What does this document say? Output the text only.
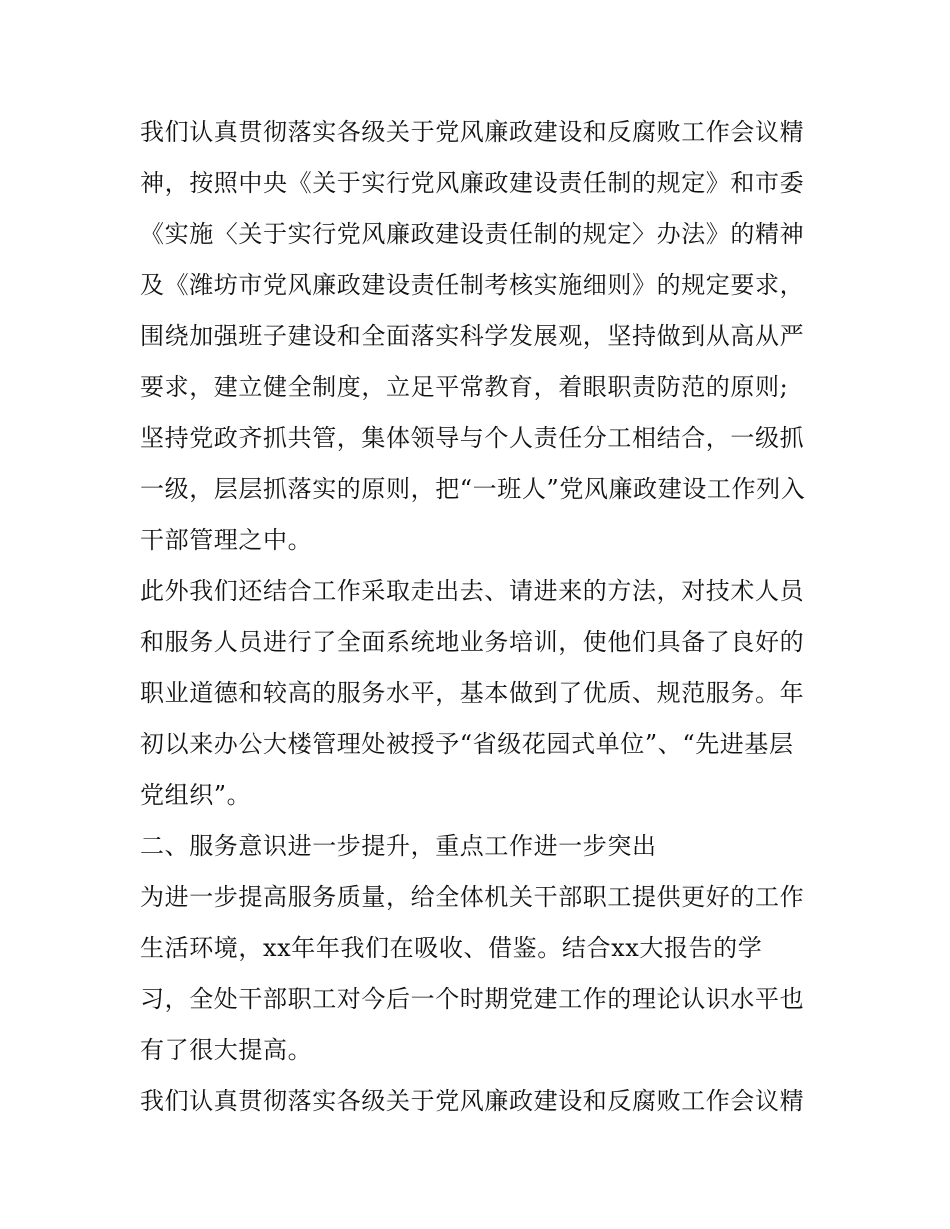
我们认真贯彻落实各级关于党风廉政建设和反腐败工作会议精
神，按照中央《关于实行党风廉政建设责任制的规定》和市委
《实施〈关于实行党风廉政建设责任制的规定〉办法》的精神
及《潍坊市党风廉政建设责任制考核实施细则》的规定要求，
围绕加强班子建设和全面落实科学发展观，坚持做到从高从严
要求，建立健全制度，立足平常教育，着眼职责防范的原则;
坚持党政齐抓共管，集体领导与个人责任分工相结合，一级抓
一级，层层抓落实的原则，把“一班人”党风廉政建设工作列入
干部管理之中。
此外我们还结合工作采取走出去、请进来的方法，对技术人员
和服务人员进行了全面系统地业务培训，使他们具备了良好的
职业道德和较高的服务水平，基本做到了优质、规范服务。年
初以来办公大楼管理处被授予“省级花园式单位”、“先进基层
党组织”。
二、服务意识进一步提升，重点工作进一步突出
为进一步提高服务质量，给全体机关干部职工提供更好的工作
生活环境，xx年年我们在吸收、借鉴。结合xx大报告的学
习，全处干部职工对今后一个时期党建工作的理论认识水平也
有了很大提高。
我们认真贯彻落实各级关于党风廉政建设和反腐败工作会议精
